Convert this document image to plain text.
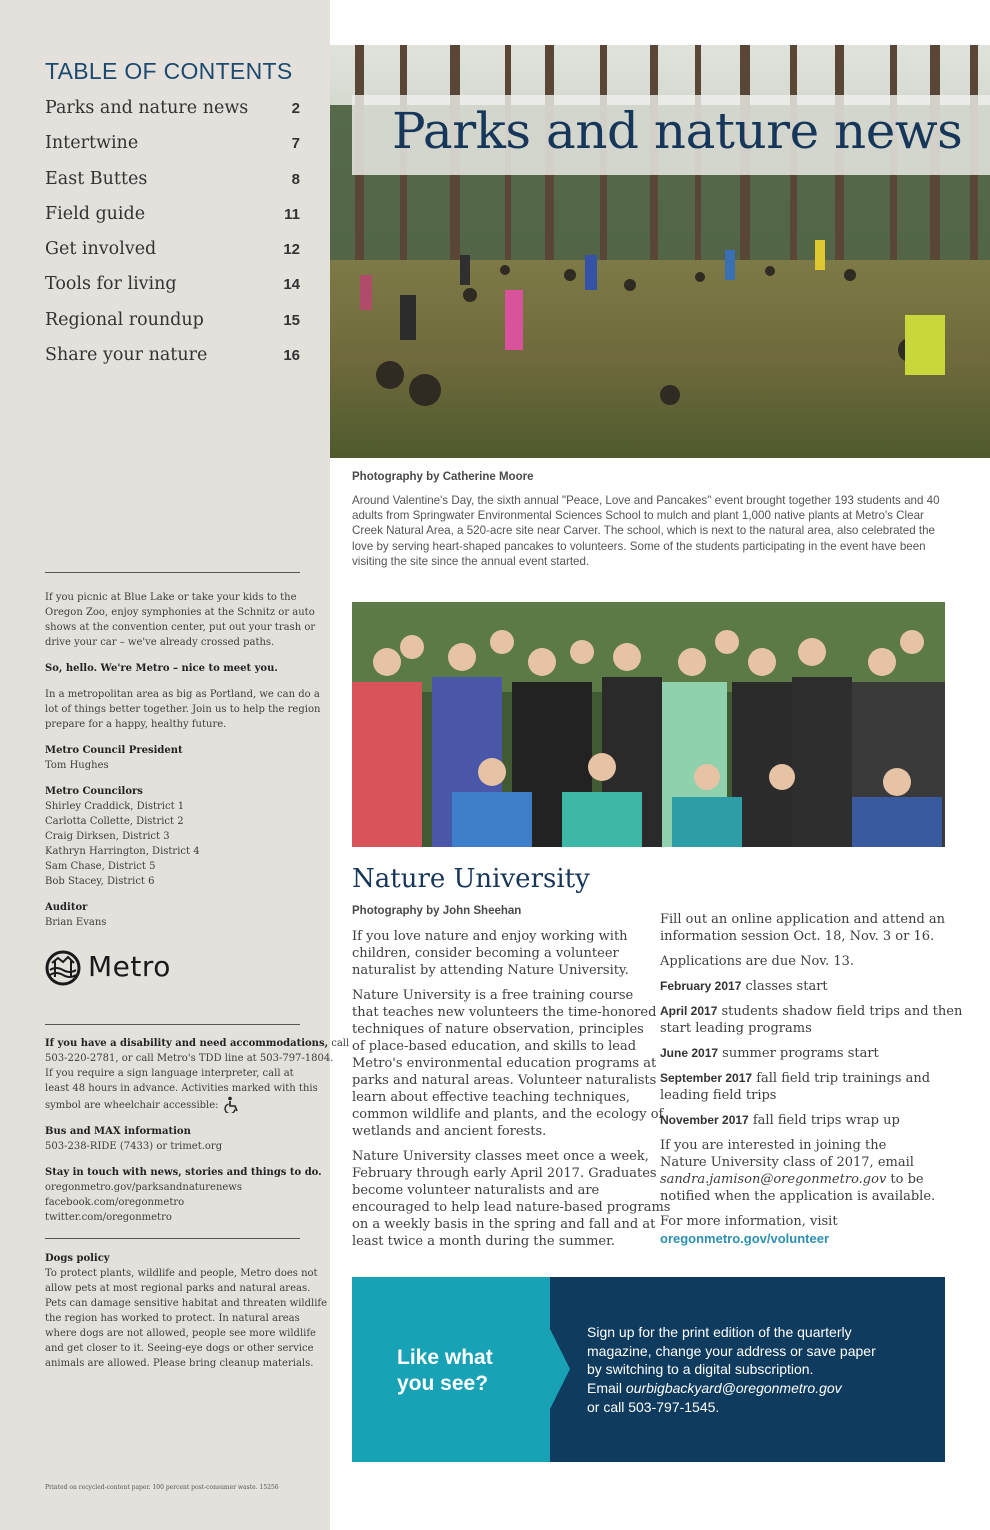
TABLE OF CONTENTS
Parks and nature news	2
Intertwine	7
East Buttes	8
Field guide	11
Get involved	12
Tools for living	14
Regional roundup	15
Share your nature	16

If you picnic at Blue Lake or take your kids to the
Oregon Zoo, enjoy symphonies at the Schnitz or auto
shows at the convention center, put out your trash or
drive your car – we've already crossed paths.

So, hello. We're Metro – nice to meet you.

In a metropolitan area as big as Portland, we can do a
lot of things better together. Join us to help the region
prepare for a happy, healthy future.

Metro Council President
Tom Hughes

Metro Councilors
Shirley Craddick, District 1
Carlotta Collette, District 2
Craig Dirksen, District 3
Kathryn Harrington, District 4
Sam Chase, District 5
Bob Stacey, District 6

Auditor
Brian Evans

Metro

If you have a disability and need accommodations, call
503-220-2781, or call Metro's TDD line at 503-797-1804.
If you require a sign language interpreter, call at
least 48 hours in advance. Activities marked with this
symbol are wheelchair accessible:

Bus and MAX information
503-238-RIDE (7433) or trimet.org

Stay in touch with news, stories and things to do.
oregonmetro.gov/parksandnaturenews
facebook.com/oregonmetro
twitter.com/oregonmetro

Dogs policy
To protect plants, wildlife and people, Metro does not
allow pets at most regional parks and natural areas.
Pets can damage sensitive habitat and threaten wildlife
the region has worked to protect. In natural areas
where dogs are not allowed, people see more wildlife
and get closer to it. Seeing-eye dogs or other service
animals are allowed. Please bring cleanup materials.

Printed on recycled-content paper. 100 percent post-consumer waste. 15256
Parks and nature news
Photography by Catherine Moore
Around Valentine's Day, the sixth annual "Peace, Love and Pancakes" event brought together 193 students and 40
adults from Springwater Environmental Sciences School to mulch and plant 1,000 native plants at Metro's Clear
Creek Natural Area, a 520-acre site near Carver. The school, which is next to the natural area, also celebrated the
love by serving heart-shaped pancakes to volunteers. Some of the students participating in the event have been
visiting the site since the annual event started.
Nature University
Photography by John Sheehan

If you love nature and enjoy working with
children, consider becoming a volunteer
naturalist by attending Nature University.

Nature University is a free training course
that teaches new volunteers the time-honored
techniques of nature observation, principles
of place-based education, and skills to lead
Metro's environmental education programs at
parks and natural areas. Volunteer naturalists
learn about effective teaching techniques,
common wildlife and plants, and the ecology of
wetlands and ancient forests.

Nature University classes meet once a week,
February through early April 2017. Graduates
become volunteer naturalists and are
encouraged to help lead nature-based programs
on a weekly basis in the spring and fall and at
least twice a month during the summer.

Fill out an online application and attend an
information session Oct. 18, Nov. 3 or 16.

Applications are due Nov. 13.

February 2017 classes start

April 2017 students shadow field trips and then
start leading programs

June 2017 summer programs start

September 2017 fall field trip trainings and
leading field trips

November 2017 fall field trips wrap up

If you are interested in joining the
Nature University class of 2017, email
sandra.jamison@oregonmetro.gov to be
notified when the application is available.

For more information, visit
oregonmetro.gov/volunteer

Like what
you see?
Sign up for the print edition of the quarterly
magazine, change your address or save paper
by switching to a digital subscription.
Email ourbigbackyard@oregonmetro.gov
or call 503-797-1545.
